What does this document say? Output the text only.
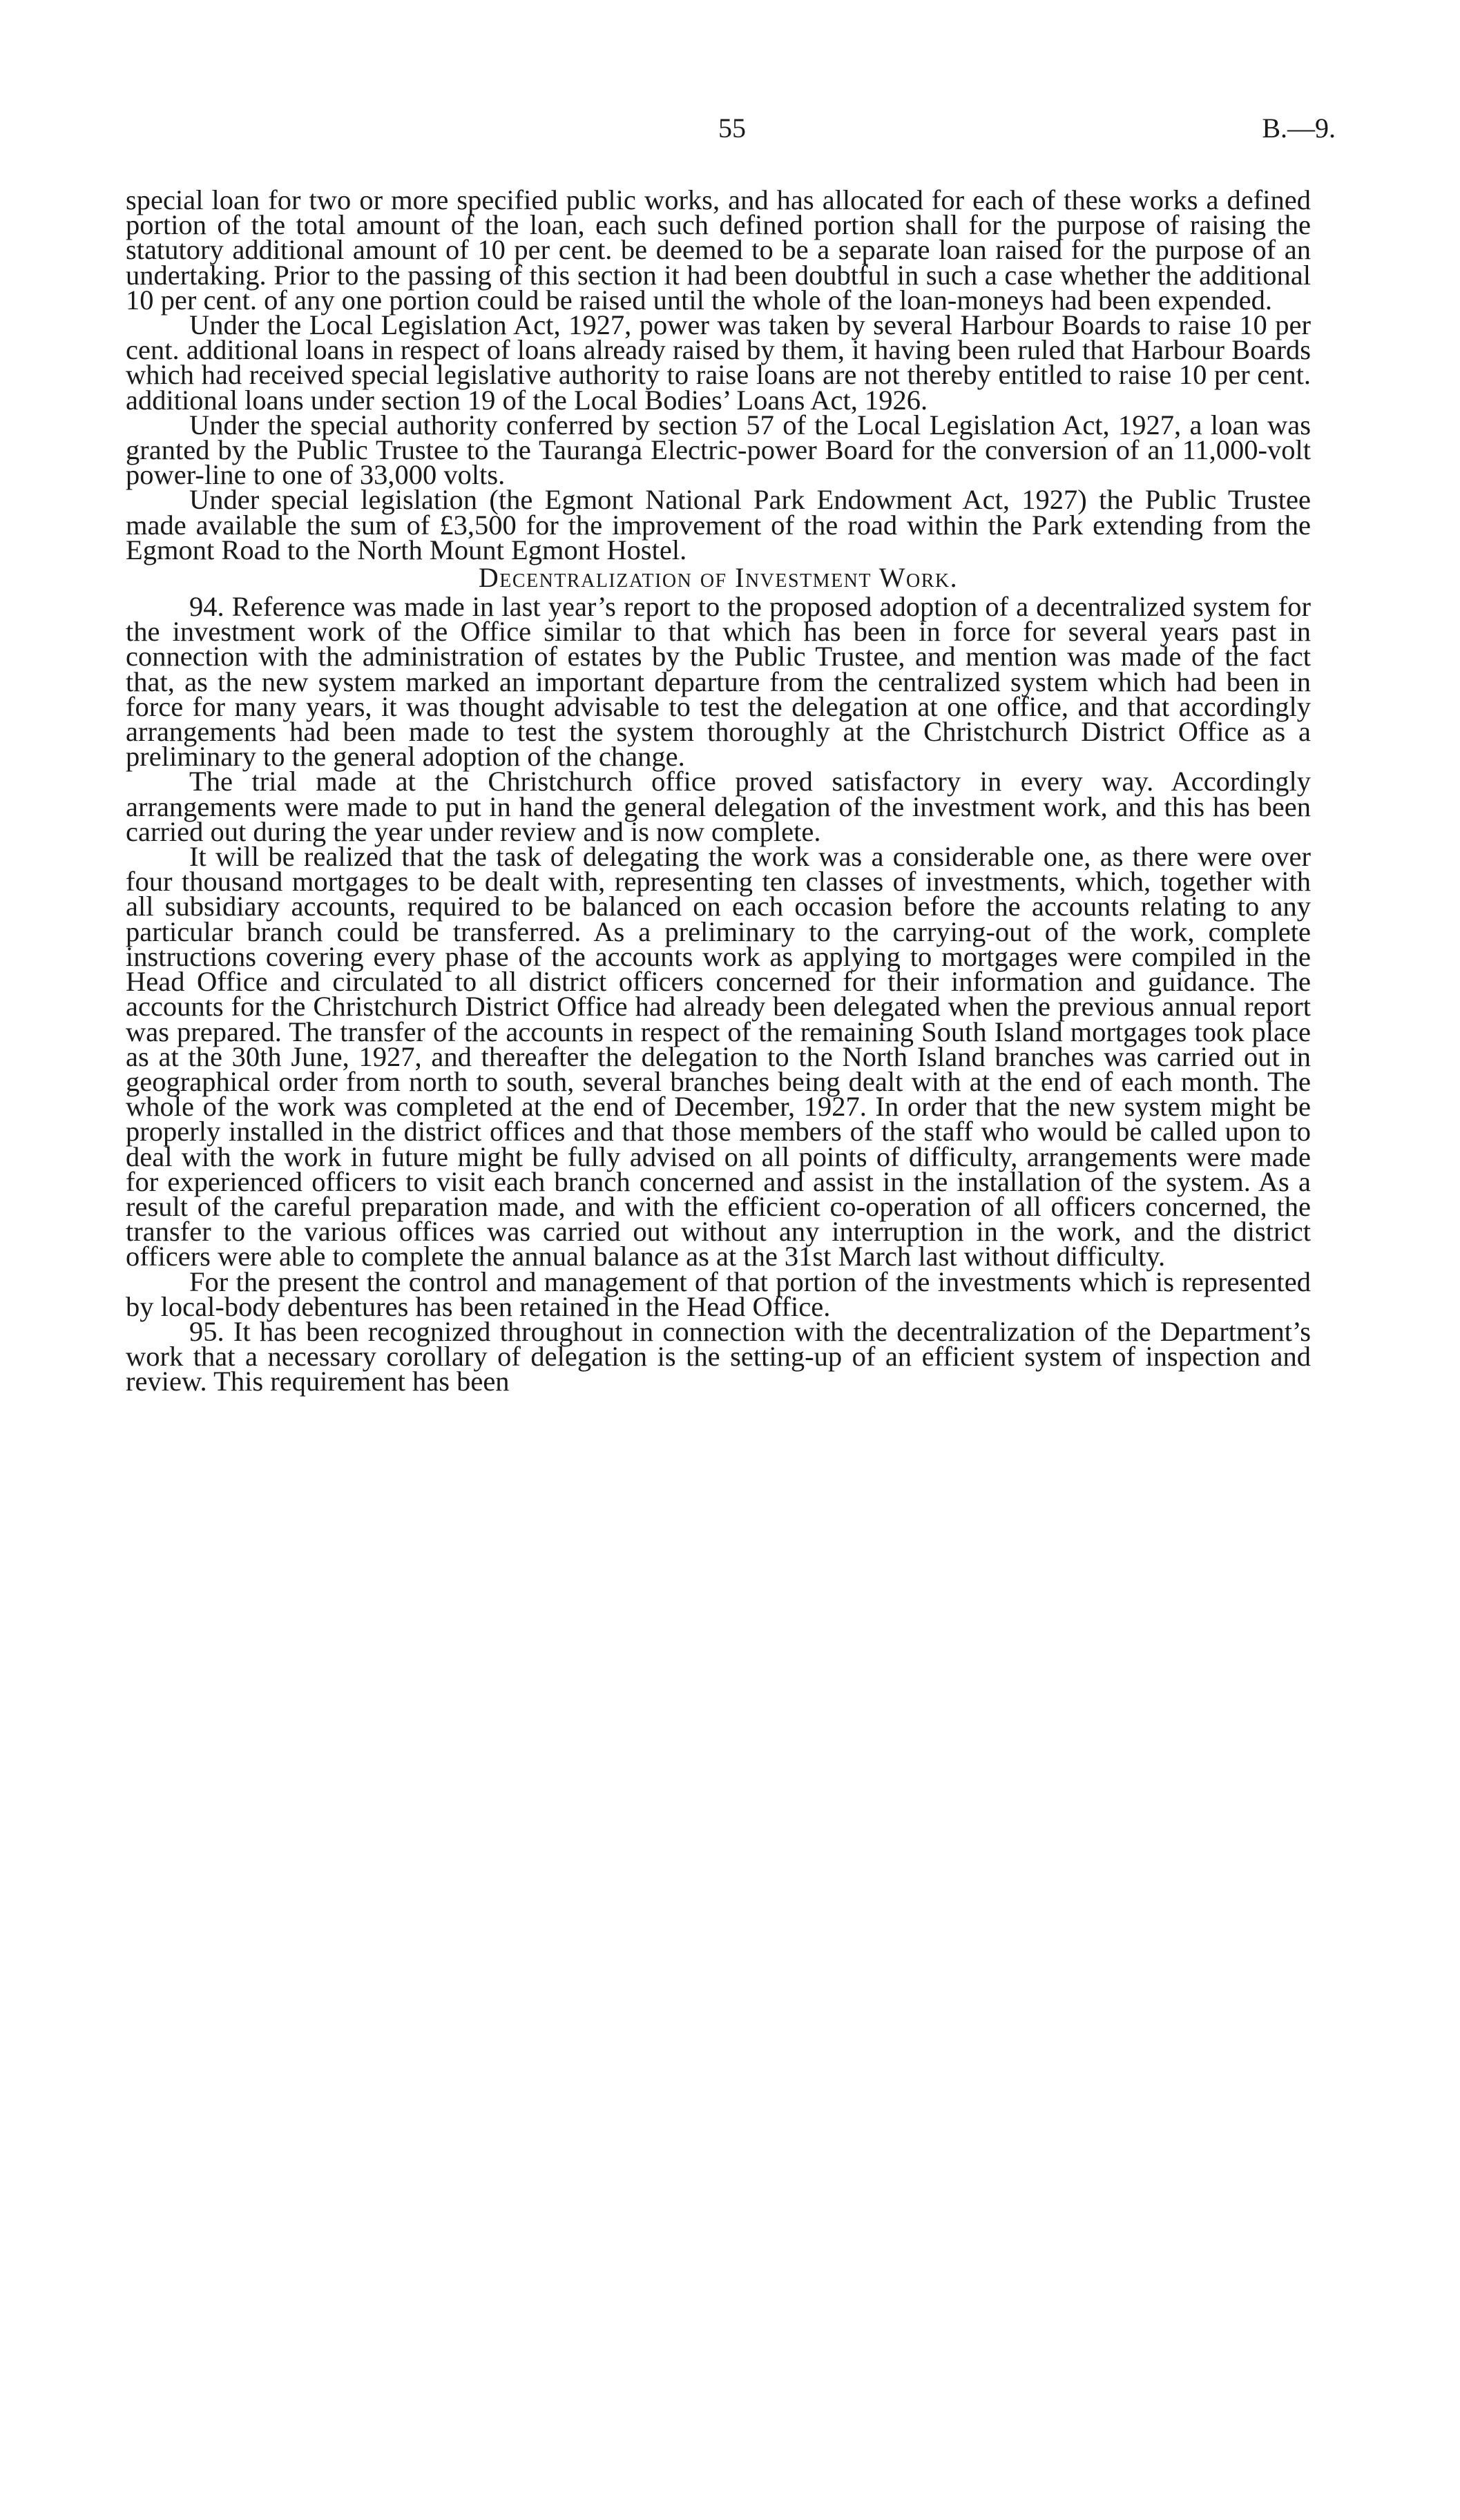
55	B.—9.

special loan for two or more specified public works, and has allocated for each of these works a defined portion of the total amount of the loan, each such defined portion shall for the purpose of raising the statutory additional amount of 10 per cent. be deemed to be a separate loan raised for the purpose of an undertaking. Prior to the passing of this section it had been doubtful in such a case whether the additional 10 per cent. of any one portion could be raised until the whole of the loan-moneys had been expended.

Under the Local Legislation Act, 1927, power was taken by several Harbour Boards to raise 10 per cent. additional loans in respect of loans already raised by them, it having been ruled that Harbour Boards which had received special legislative authority to raise loans are not thereby entitled to raise 10 per cent. additional loans under section 19 of the Local Bodies’ Loans Act, 1926.

Under the special authority conferred by section 57 of the Local Legislation Act, 1927, a loan was granted by the Public Trustee to the Tauranga Electric-power Board for the conversion of an 11,000-volt power-line to one of 33,000 volts.

Under special legislation (the Egmont National Park Endowment Act, 1927) the Public Trustee made available the sum of £3,500 for the improvement of the road within the Park extending from the Egmont Road to the North Mount Egmont Hostel.

Decentralization of Investment Work.

94. Reference was made in last year’s report to the proposed adoption of a decentralized system for the investment work of the Office similar to that which has been in force for several years past in connection with the administration of estates by the Public Trustee, and mention was made of the fact that, as the new system marked an important departure from the centralized system which had been in force for many years, it was thought advisable to test the delegation at one office, and that accordingly arrangements had been made to test the system thoroughly at the Christchurch District Office as a preliminary to the general adoption of the change.

The trial made at the Christchurch office proved satisfactory in every way. Accordingly arrangements were made to put in hand the general delegation of the investment work, and this has been carried out during the year under review and is now complete.

It will be realized that the task of delegating the work was a considerable one, as there were over four thousand mortgages to be dealt with, representing ten classes of investments, which, together with all subsidiary accounts, required to be balanced on each occasion before the accounts relating to any particular branch could be transferred. As a preliminary to the carrying-out of the work, complete instructions covering every phase of the accounts work as applying to mortgages were compiled in the Head Office and circulated to all district officers concerned for their information and guidance. The accounts for the Christchurch District Office had already been delegated when the previous annual report was prepared. The transfer of the accounts in respect of the remaining South Island mortgages took place as at the 30th June, 1927, and thereafter the delegation to the North Island branches was carried out in geographical order from north to south, several branches being dealt with at the end of each month. The whole of the work was completed at the end of December, 1927. In order that the new system might be properly installed in the district offices and that those members of the staff who would be called upon to deal with the work in future might be fully advised on all points of difficulty, arrangements were made for experienced officers to visit each branch concerned and assist in the installation of the system. As a result of the careful preparation made, and with the efficient co-operation of all officers concerned, the transfer to the various offices was carried out without any interruption in the work, and the district officers were able to complete the annual balance as at the 31st March last without difficulty.

For the present the control and management of that portion of the investments which is represented by local-body debentures has been retained in the Head Office.

95. It has been recognized throughout in connection with the decentralization of the Department’s work that a necessary corollary of delegation is the setting-up of an efficient system of inspection and review. This requirement has been
